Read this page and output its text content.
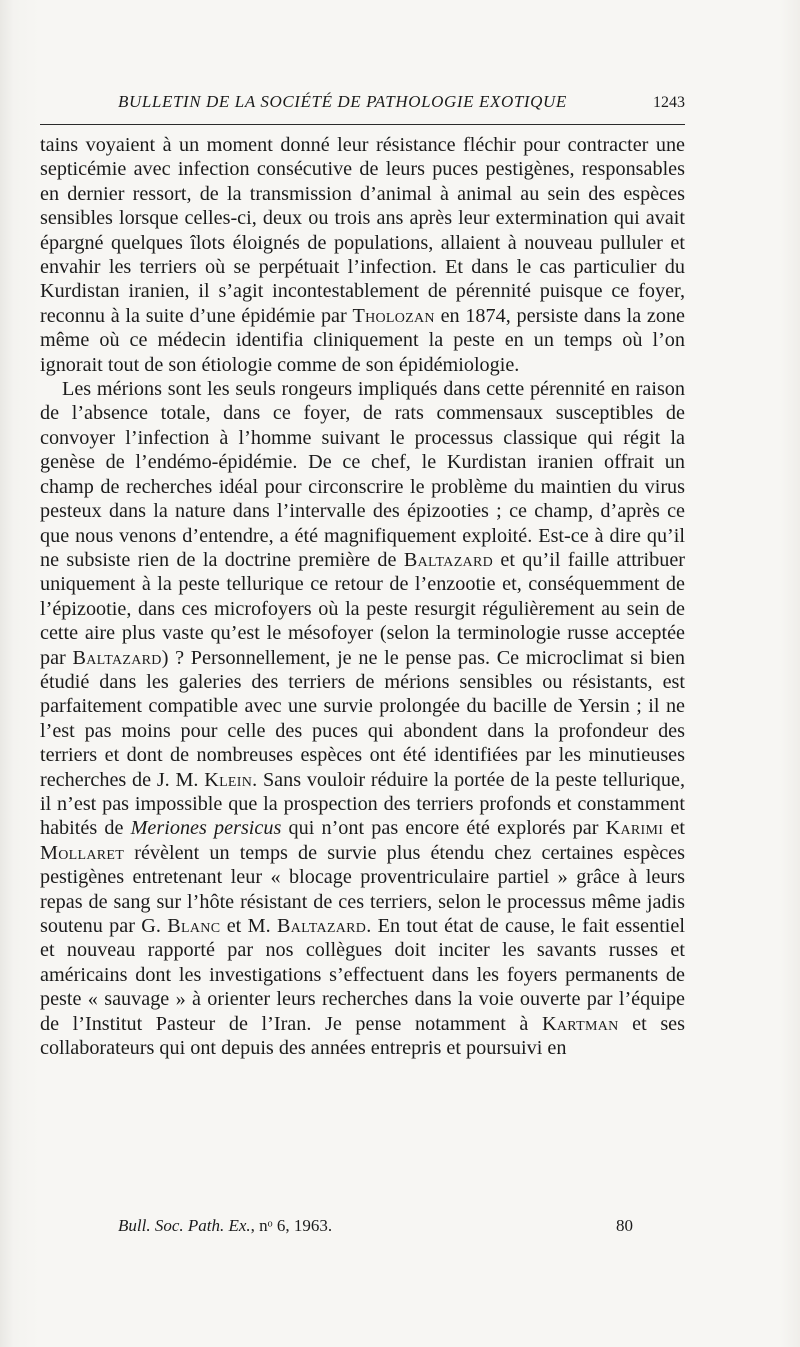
BULLETIN DE LA SOCIÉTÉ DE PATHOLOGIE EXOTIQUE	1243

tains voyaient à un moment donné leur résistance fléchir pour contracter une septicémie avec infection consécutive de leurs puces pestigènes, responsables en dernier ressort, de la transmission d’animal à animal au sein des espèces sensibles lorsque celles-ci, deux ou trois ans après leur extermination qui avait épargné quelques îlots éloignés de populations, allaient à nouveau pulluler et envahir les terriers où se perpétuait l’infection. Et dans le cas particulier du Kurdistan iranien, il s’agit incontestablement de pérennité puisque ce foyer, reconnu à la suite d’une épidémie par Tholozan en 1874, persiste dans la zone même où ce médecin identifia cliniquement la peste en un temps où l’on ignorait tout de son étiologie comme de son épidémiologie.

Les mérions sont les seuls rongeurs impliqués dans cette pérennité en raison de l’absence totale, dans ce foyer, de rats commensaux susceptibles de convoyer l’infection à l’homme suivant le processus classique qui régit la genèse de l’endémo-épidémie. De ce chef, le Kurdistan iranien offrait un champ de recherches idéal pour circonscrire le problème du maintien du virus pesteux dans la nature dans l’intervalle des épizooties ; ce champ, d’après ce que nous venons d’entendre, a été magnifiquement exploité. Est-ce à dire qu’il ne subsiste rien de la doctrine première de Baltazard et qu’il faille attribuer uniquement à la peste tellurique ce retour de l’enzootie et, conséquemment de l’épizootie, dans ces microfoyers où la peste resurgit régulièrement au sein de cette aire plus vaste qu’est le mésofoyer (selon la terminologie russe acceptée par Baltazard) ? Personnellement, je ne le pense pas. Ce microclimat si bien étudié dans les galeries des terriers de mérions sensibles ou résistants, est parfaitement compatible avec une survie prolongée du bacille de Yersin ; il ne l’est pas moins pour celle des puces qui abondent dans la profondeur des terriers et dont de nombreuses espèces ont été identifiées par les minutieuses recherches de J. M. Klein. Sans vouloir réduire la portée de la peste tellurique, il n’est pas impossible que la prospection des terriers profonds et constamment habités de Meriones persicus qui n’ont pas encore été explorés par Karimi et Mollaret révèlent un temps de survie plus étendu chez certaines espèces pestigènes entretenant leur « blocage proventriculaire partiel » grâce à leurs repas de sang sur l’hôte résistant de ces terriers, selon le processus même jadis soutenu par G. Blanc et M. Baltazard. En tout état de cause, le fait essentiel et nouveau rapporté par nos collègues doit inciter les savants russes et américains dont les investigations s’effectuent dans les foyers permanents de peste « sauvage » à orienter leurs recherches dans la voie ouverte par l’équipe de l’Institut Pasteur de l’Iran. Je pense notamment à Kartman et ses collaborateurs qui ont depuis des années entrepris et poursuivi en

Bull. Soc. Path. Ex., nᵒ 6, 1963.	80
